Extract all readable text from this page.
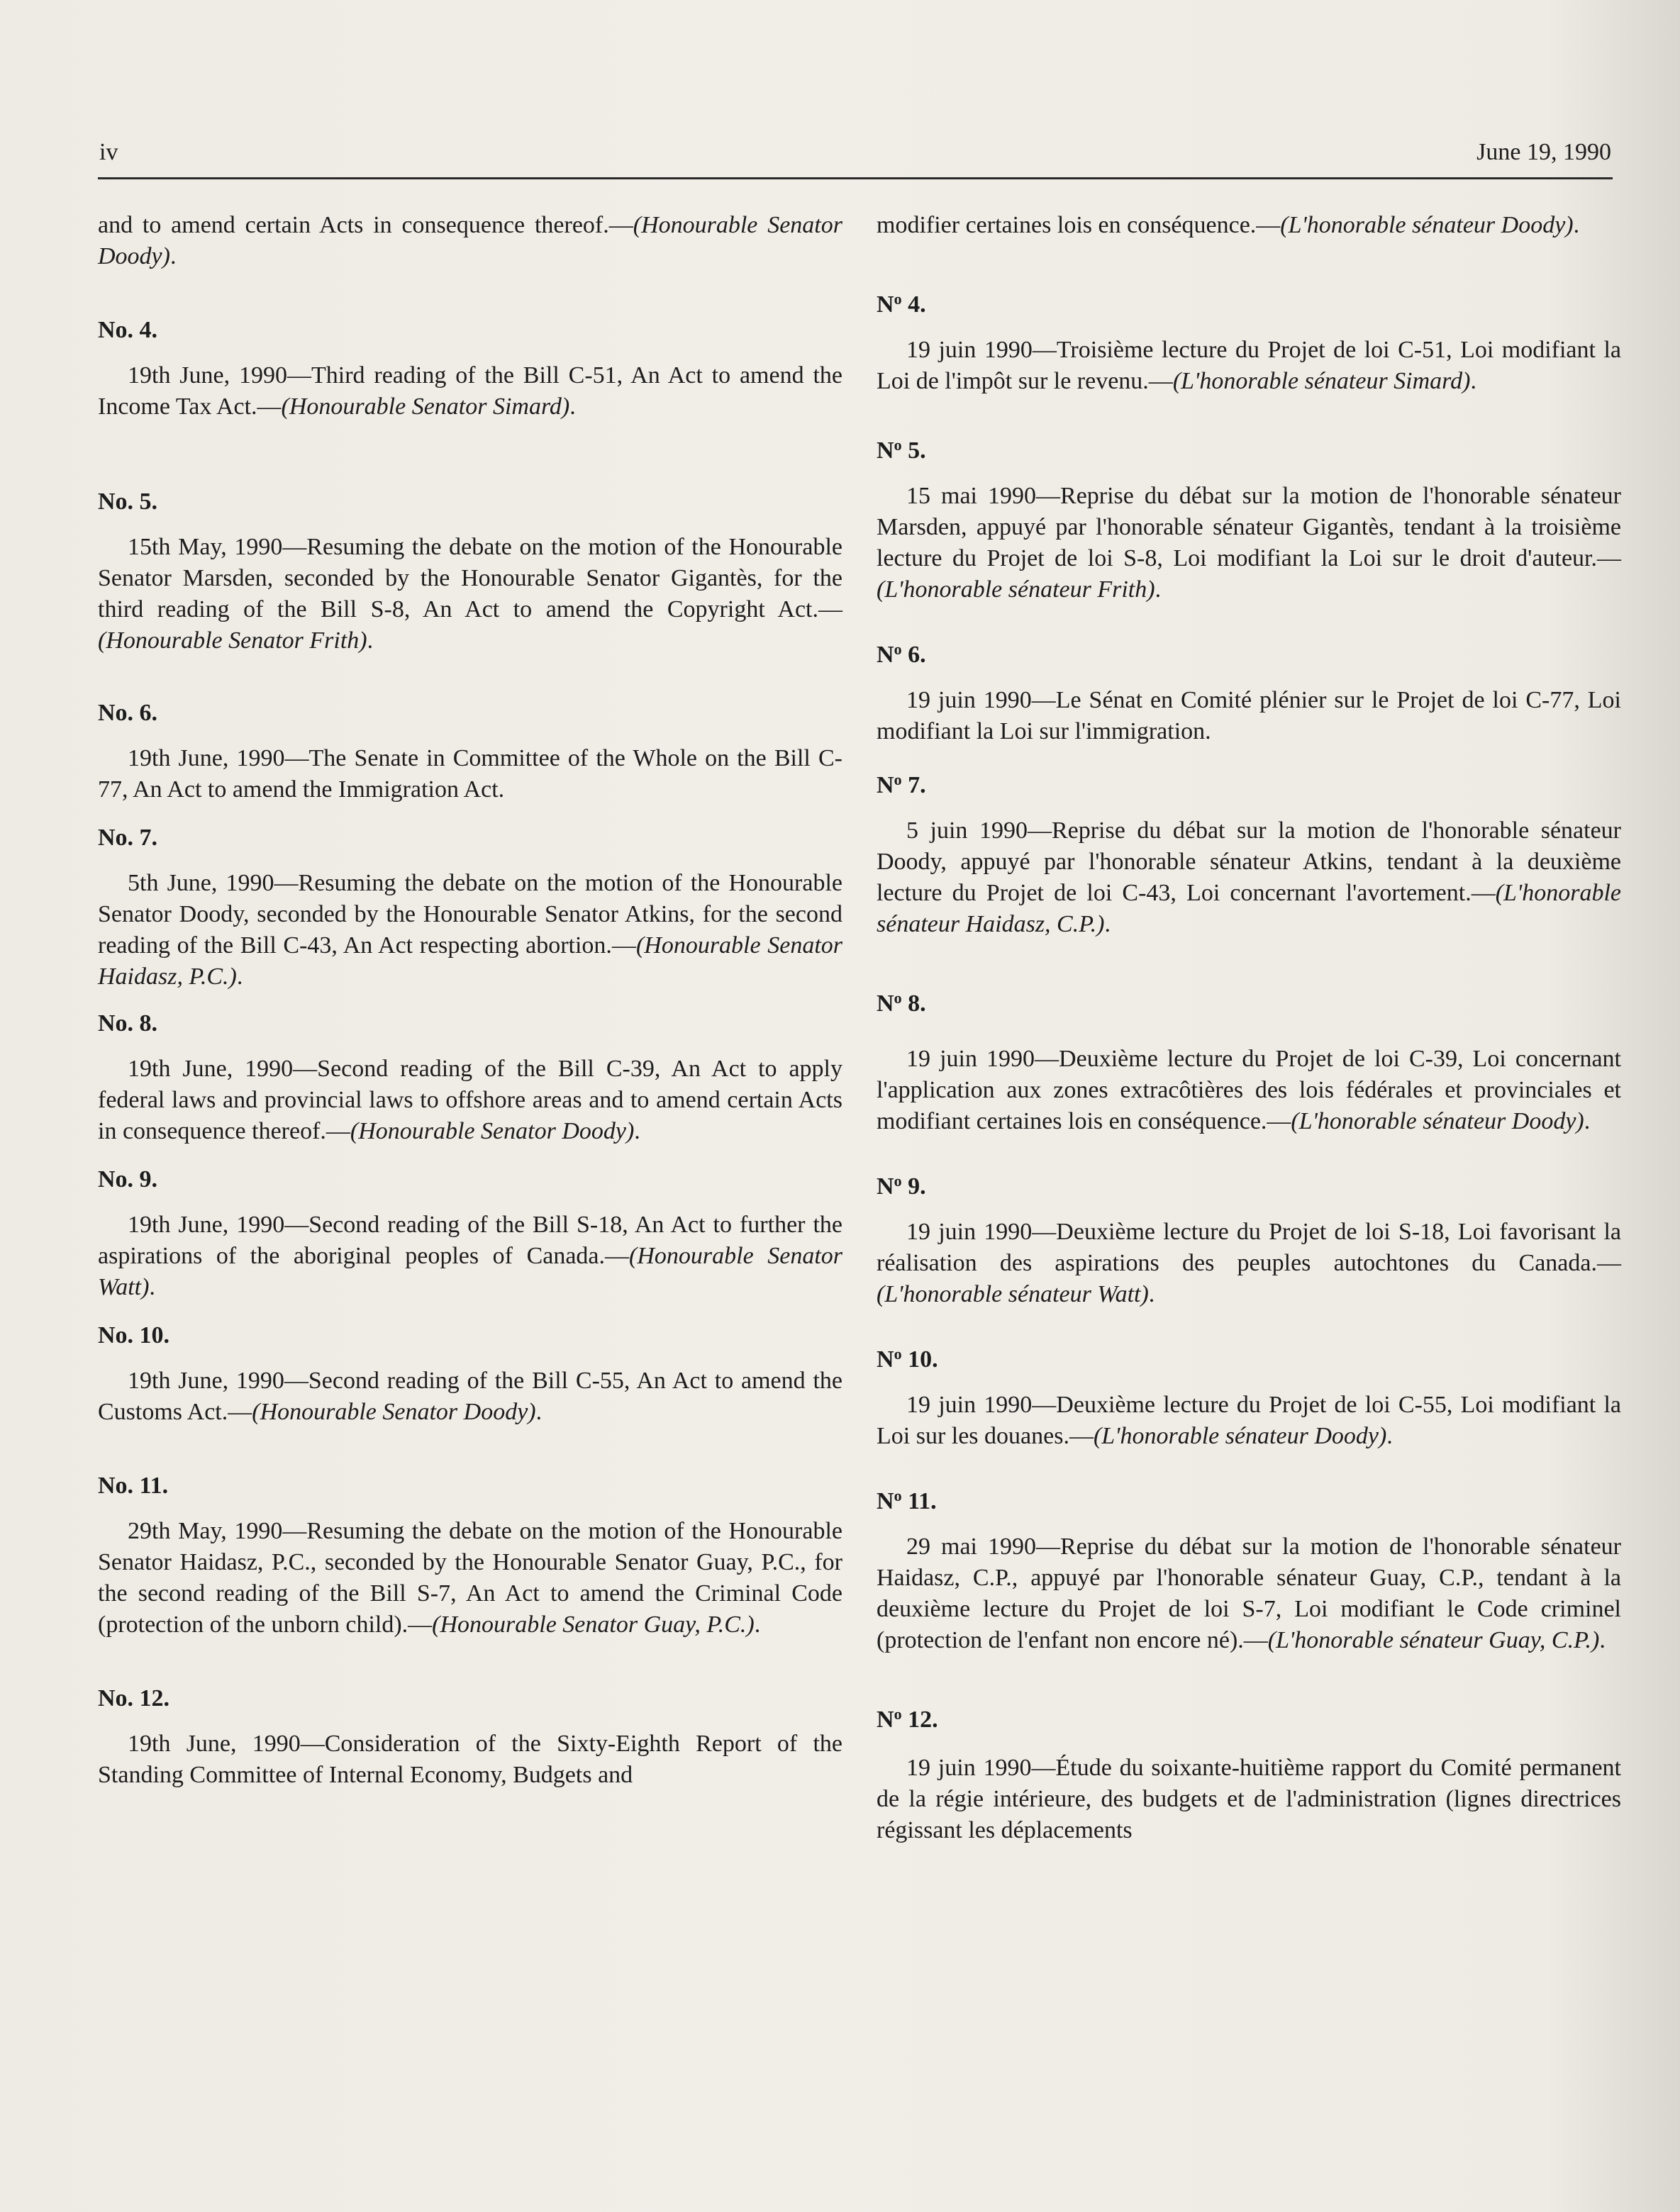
iv	June 19, 1990

and to amend certain Acts in consequence thereof.—(Honourable Senator Doody).

No. 4.

19th June, 1990—Third reading of the Bill C-51, An Act to amend the Income Tax Act.—(Honourable Senator Simard).

No. 5.

15th May, 1990—Resuming the debate on the motion of the Honourable Senator Marsden, seconded by the Honourable Senator Gigantès, for the third reading of the Bill S-8, An Act to amend the Copyright Act.—(Honourable Senator Frith).

No. 6.

19th June, 1990—The Senate in Committee of the Whole on the Bill C-77, An Act to amend the Immigration Act.

No. 7.

5th June, 1990—Resuming the debate on the motion of the Honourable Senator Doody, seconded by the Honourable Senator Atkins, for the second reading of the Bill C-43, An Act respecting abortion.—(Honourable Senator Haidasz, P.C.).

No. 8.

19th June, 1990—Second reading of the Bill C-39, An Act to apply federal laws and provincial laws to offshore areas and to amend certain Acts in consequence thereof.—(Honourable Senator Doody).

No. 9.

19th June, 1990—Second reading of the Bill S-18, An Act to further the aspirations of the aboriginal peoples of Canada.—(Honourable Senator Watt).

No. 10.

19th June, 1990—Second reading of the Bill C-55, An Act to amend the Customs Act.—(Honourable Senator Doody).

No. 11.

29th May, 1990—Resuming the debate on the motion of the Honourable Senator Haidasz, P.C., seconded by the Honourable Senator Guay, P.C., for the second reading of the Bill S-7, An Act to amend the Criminal Code (protection of the unborn child).—(Honourable Senator Guay, P.C.).

No. 12.

19th June, 1990—Consideration of the Sixty-Eighth Report of the Standing Committee of Internal Economy, Budgets and

modifier certaines lois en conséquence.—(L'honorable sénateur Doody).

$N^o$ 4.

19 juin 1990—Troisième lecture du Projet de loi C-51, Loi modifiant la Loi de l'impôt sur le revenu.—(L'honorable sénateur Simard).

$N^o$ 5.

15 mai 1990—Reprise du débat sur la motion de l'honorable sénateur Marsden, appuyé par l'honorable sénateur Gigantès, tendant à la troisième lecture du Projet de loi S-8, Loi modifiant la Loi sur le droit d'auteur.—(L'honorable sénateur Frith).

$N^o$ 6.

19 juin 1990—Le Sénat en Comité plénier sur le Projet de loi C-77, Loi modifiant la Loi sur l'immigration.

$N^o$ 7.

5 juin 1990—Reprise du débat sur la motion de l'honorable sénateur Doody, appuyé par l'honorable sénateur Atkins, tendant à la deuxième lecture du Projet de loi C-43, Loi concernant l'avortement.—(L'honorable sénateur Haidasz, C.P.).

$N^o$ 8.

19 juin 1990—Deuxième lecture du Projet de loi C-39, Loi concernant l'application aux zones extracôtières des lois fédérales et provinciales et modifiant certaines lois en conséquence.—(L'honorable sénateur Doody).

$N^o$ 9.

19 juin 1990—Deuxième lecture du Projet de loi S-18, Loi favorisant la réalisation des aspirations des peuples autochtones du Canada.—(L'honorable sénateur Watt).

$N^o$ 10.

19 juin 1990—Deuxième lecture du Projet de loi C-55, Loi modifiant la Loi sur les douanes.—(L'honorable sénateur Doody).

$N^o$ 11.

29 mai 1990—Reprise du débat sur la motion de l'honorable sénateur Haidasz, C.P., appuyé par l'honorable sénateur Guay, C.P., tendant à la deuxième lecture du Projet de loi S-7, Loi modifiant le Code criminel (protection de l'enfant non encore né).—(L'honorable sénateur Guay, C.P.).

$N^o$ 12.

19 juin 1990—Étude du soixante-huitième rapport du Comité permanent de la régie intérieure, des budgets et de l'administration (lignes directrices régissant les déplacements
